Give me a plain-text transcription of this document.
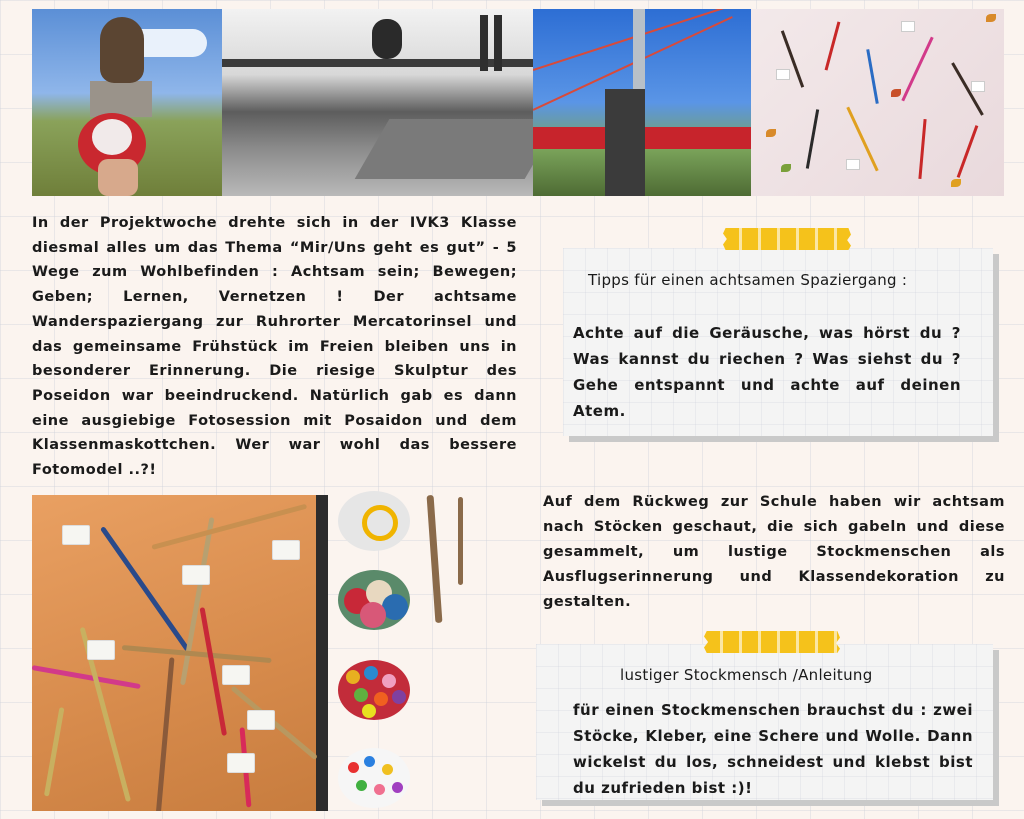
In der Projektwoche drehte sich in der IVK3 Klasse diesmal alles um das Thema “Mir/Uns geht es gut” - 5 Wege zum Wohlbefinden : Achtsam sein; Bewegen; Geben; Lernen, Vernetzen ! Der achtsame Wanderspaziergang zur Ruhrorter Mercatorinsel und das gemeinsame Frühstück im Freien bleiben uns in besonderer Erinnerung. Die riesige Skulptur des Poseidon war beeindruckend. Natürlich gab es dann eine ausgiebige Fotosession mit Posaidon und dem Klassenmaskottchen. Wer war wohl das bessere Fotomodel ..?!
Tipps für einen achtsamen Spaziergang :
Achte auf die Geräusche, was hörst du ? Was kannst du riechen ? Was siehst du ? Gehe entspannt und achte auf deinen Atem.
Auf dem Rückweg zur Schule haben wir achtsam nach Stöcken geschaut, die sich gabeln und diese gesammelt, um lustige Stockmenschen als Ausflugserinnerung und Klassendekoration zu gestalten.
lustiger Stockmensch /Anleitung
für einen Stockmenschen brauchst du : zwei Stöcke, Kleber, eine Schere und Wolle. Dann wickelst du los, schneidest und klebst bist du zufrieden bist :)!
